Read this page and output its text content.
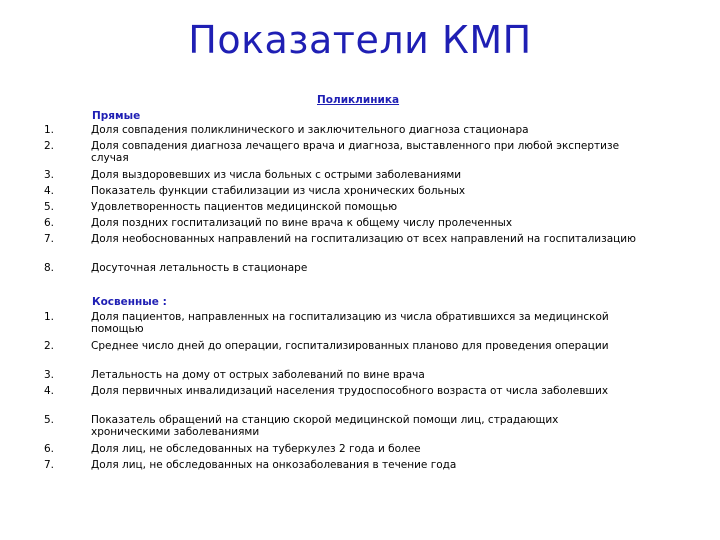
Показатели КМП
Поликлиника
Прямые
1.	Доля совпадения поликлинического и заключительного диагноза стационара
2.	Доля совпадения диагноза лечащего врача и диагноза, выставленного при любой экспертизе случая
3.	Доля выздоровевших из числа больных с острыми заболеваниями
4.	Показатель функции стабилизации из числа хронических больных
5.	Удовлетворенность пациентов медицинской помощью
6.	Доля поздних госпитализаций по вине врача к общему числу пролеченных
7.	Доля необоснованных направлений на госпитализацию от всех направлений на госпитализацию
8.	Досуточная летальность в стационаре
Косвенные :
1.	Доля пациентов, направленных на госпитализацию из числа обратившихся за медицинской помощью
2.	Среднее число дней до операции, госпитализированных планово для проведения операции
3.	Летальность на дому от острых заболеваний по вине врача
4.	Доля первичных инвалидизаций населения трудоспособного возраста от числа заболевших
5.	Показатель обращений на станцию скорой медицинской помощи лиц, страдающих хроническими заболеваниями
6.	Доля лиц, не обследованных на туберкулез 2 года и более
7.	Доля лиц, не обследованных на онкозаболевания в течение года
